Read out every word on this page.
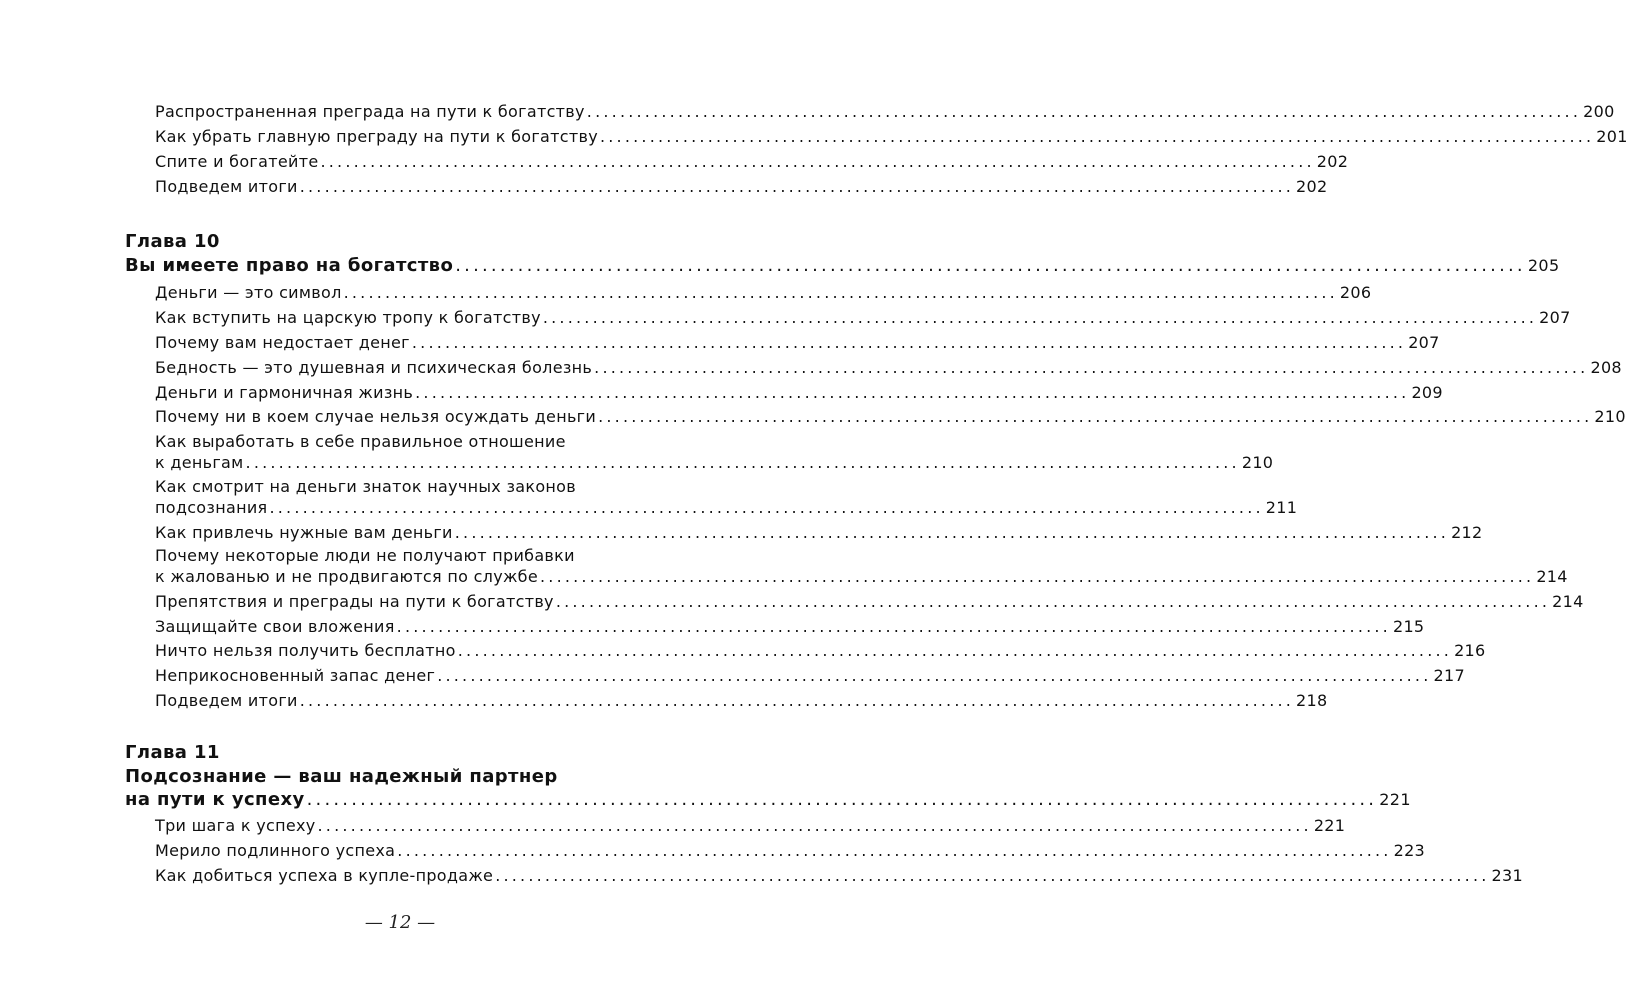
Распространенная преграда на пути к богатству ........................................................................................................................ 200
Как убрать главную преграду на пути к богатству ........................................................................................................................ 201
Спите и богатейте ........................................................................................................................ 202
Подведем итоги ........................................................................................................................ 202
Глава 10
Вы имеете право на богатство ........................................................................................................................ 205
Деньги — это символ ........................................................................................................................ 206
Как вступить на царскую тропу к богатству ........................................................................................................................ 207
Почему вам недостает денег ........................................................................................................................ 207
Бедность — это душевная и психическая болезнь ........................................................................................................................ 208
Деньги и гармоничная жизнь ........................................................................................................................ 209
Почему ни в коем случае нельзя осуждать деньги ........................................................................................................................ 210
Как выработать в себе правильное отношение
к деньгам ........................................................................................................................ 210
Как смотрит на деньги знаток научных законов
подсознания ........................................................................................................................ 211
Как привлечь нужные вам деньги ........................................................................................................................ 212
Почему некоторые люди не получают прибавки
к жалованью и не продвигаются по службе ........................................................................................................................ 214
Препятствия и преграды на пути к богатству ........................................................................................................................ 214
Защищайте свои вложения ........................................................................................................................ 215
Ничто нельзя получить бесплатно ........................................................................................................................ 216
Неприкосновенный запас денег ........................................................................................................................ 217
Подведем итоги ........................................................................................................................ 218
Глава 11
Подсознание — ваш надежный партнер
на пути к успеху ........................................................................................................................ 221
Три шага к успеху ........................................................................................................................ 221
Мерило подлинного успеха ........................................................................................................................ 223
Как добиться успеха в купле-продаже ........................................................................................................................ 231
— 12 —
